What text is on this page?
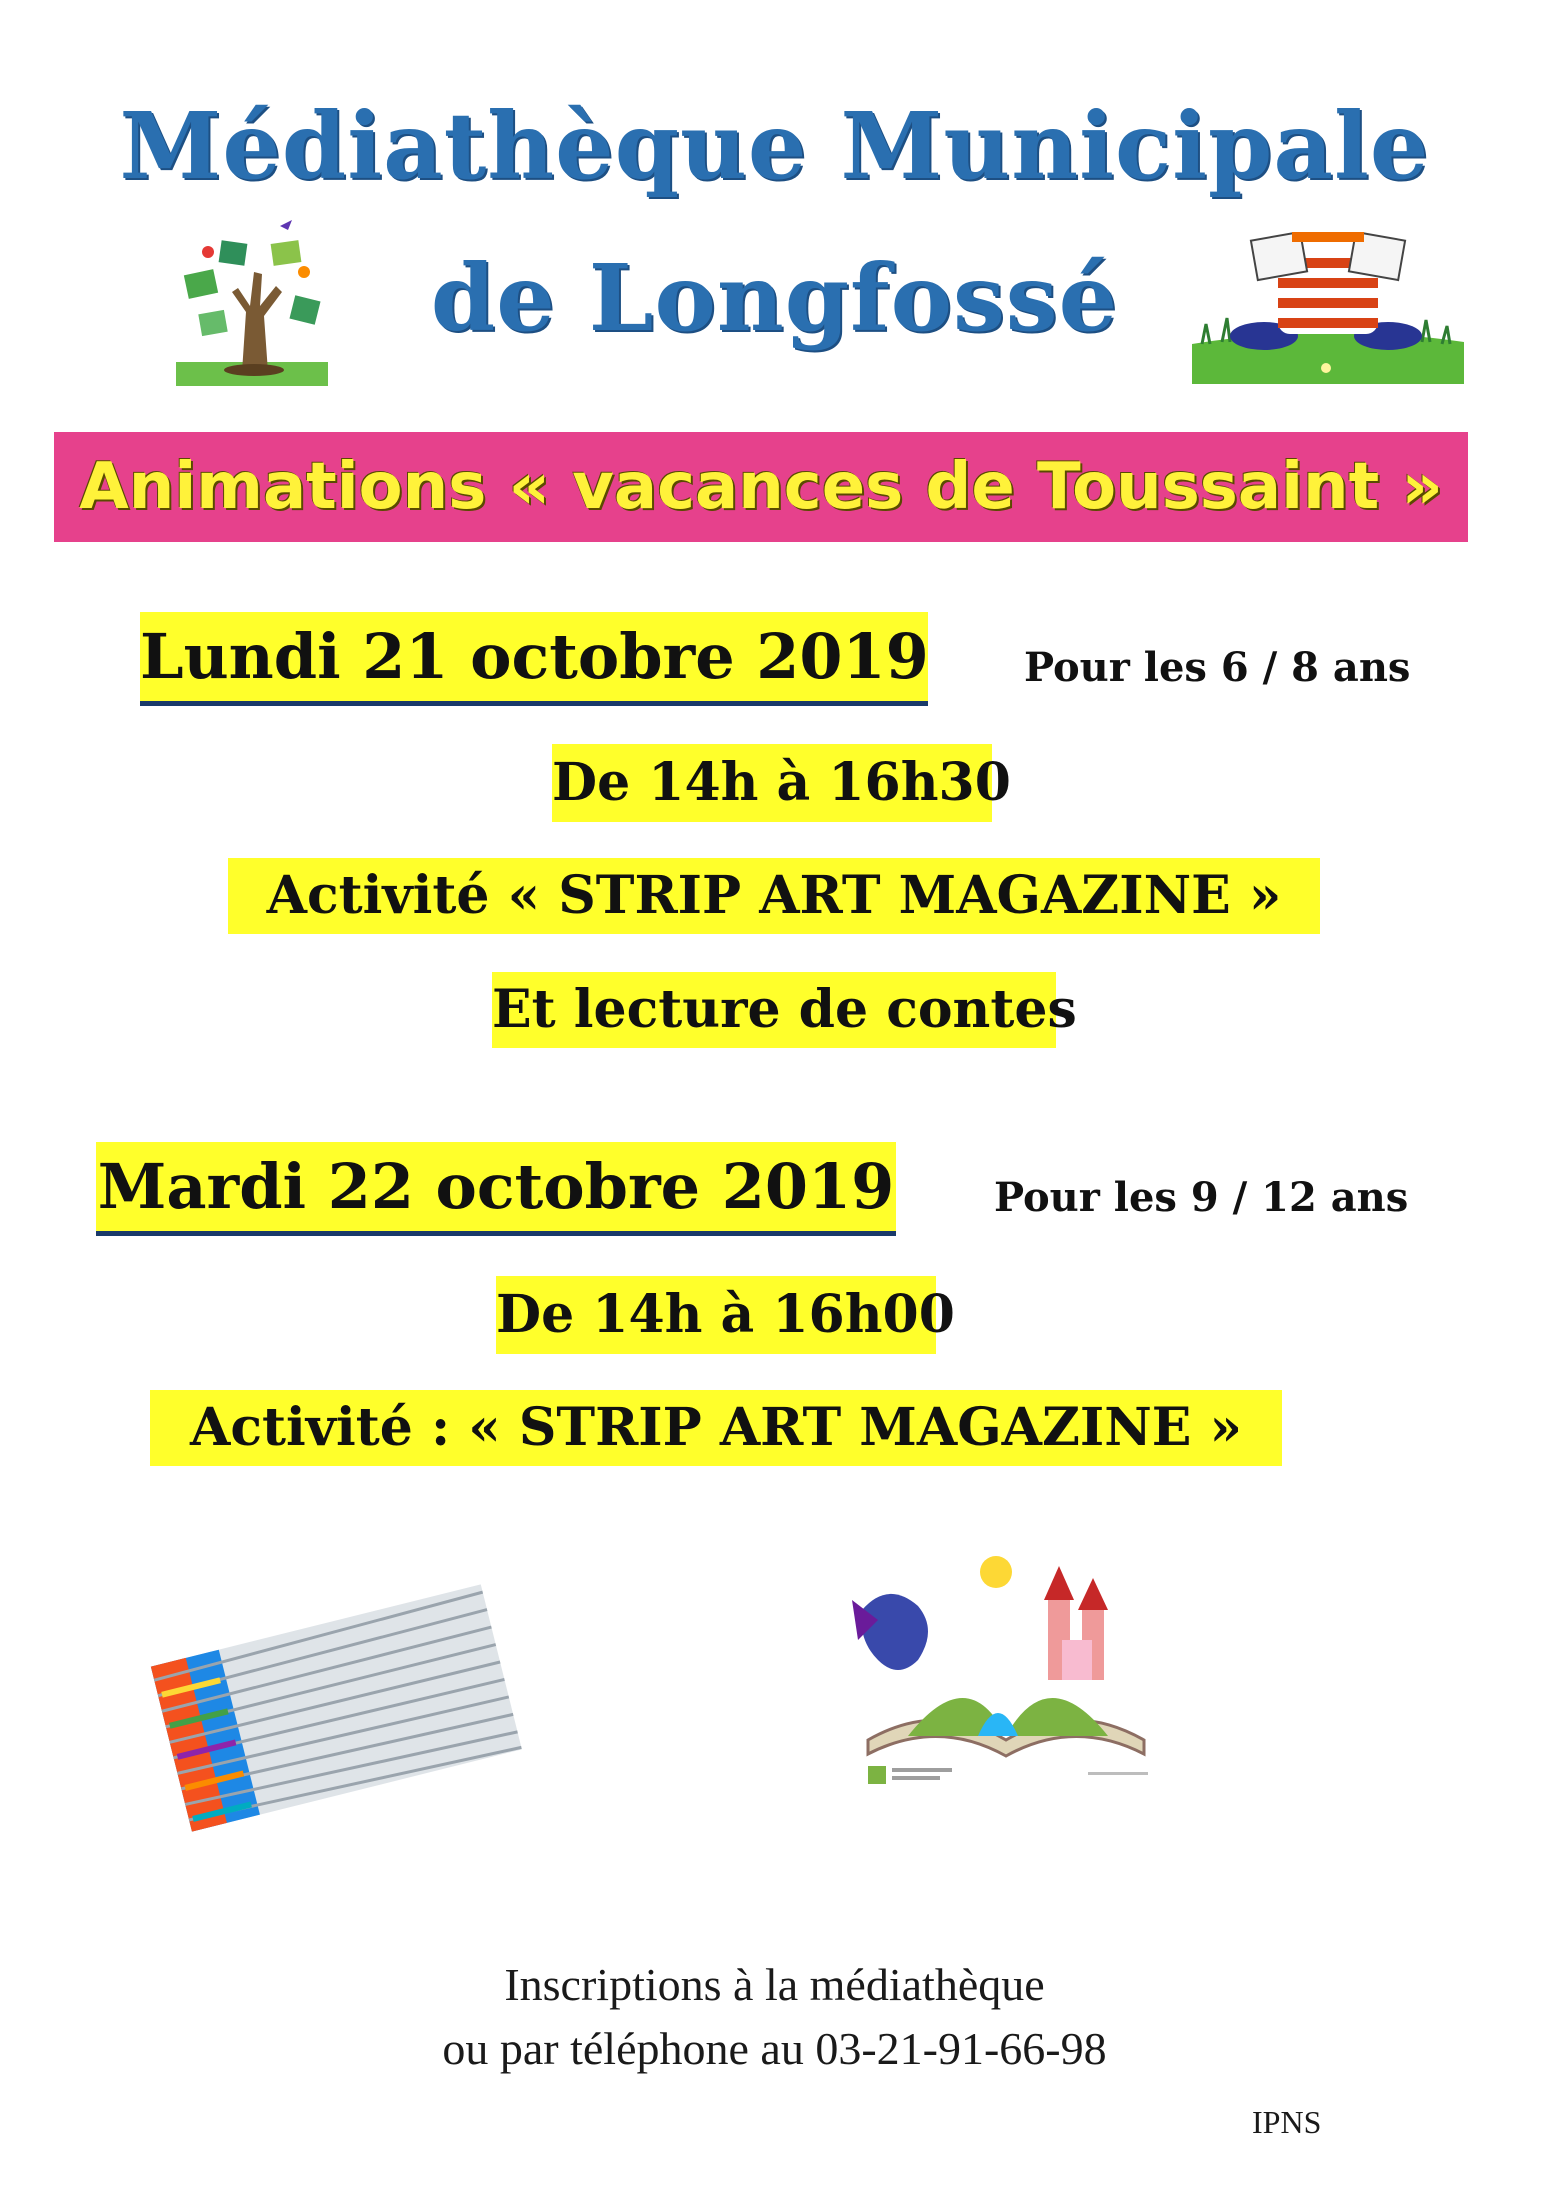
Médiathèque Municipale
de Longfossé
Animations « vacances de Toussaint »
Lundi 21 octobre 2019 Pour les 6 / 8 ans
De 14h à 16h30
Activité « STRIP ART MAGAZINE »
Et lecture de contes
Mardi 22 octobre 2019 Pour les 9 / 12 ans
De 14h à 16h00
Activité : « STRIP ART MAGAZINE »
Inscriptions à la médiathèque
ou par téléphone au 03-21-91-66-98
IPNS
